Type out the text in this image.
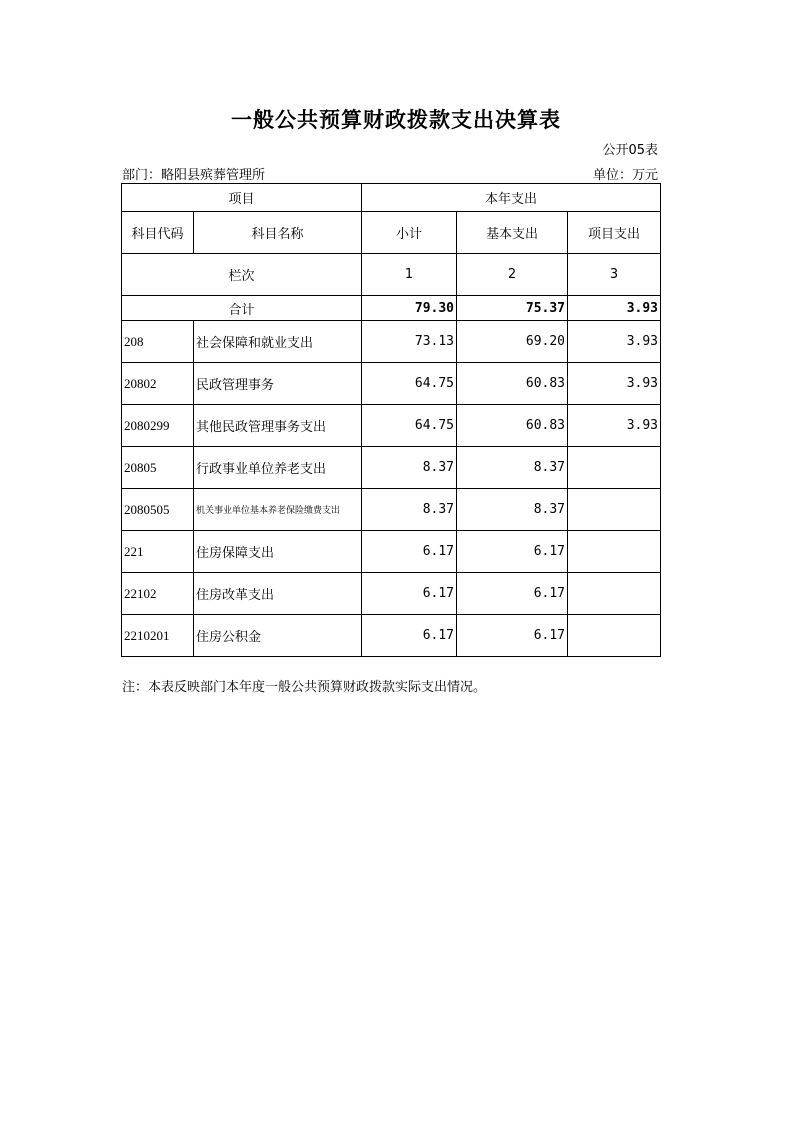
一般公共预算财政拨款支出决算表
公开05表
部门：略阳县殡葬管理所	单位：万元
项目		本年支出		
科目代码	科目名称	小计	基本支出	项目支出
栏次		1	2	3
合计		79.30	75.37	3.93
208	社会保障和就业支出	73.13	69.20	3.93
20802	民政管理事务	64.75	60.83	3.93
2080299	其他民政管理事务支出	64.75	60.83	3.93
20805	行政事业单位养老支出	8.37	8.37	
2080505	机关事业单位基本养老保险缴费支出	8.37	8.37	
221	住房保障支出	6.17	6.17	
22102	住房改革支出	6.17	6.17	
2210201	住房公积金	6.17	6.17	
注：本表反映部门本年度一般公共预算财政拨款实际支出情况。
